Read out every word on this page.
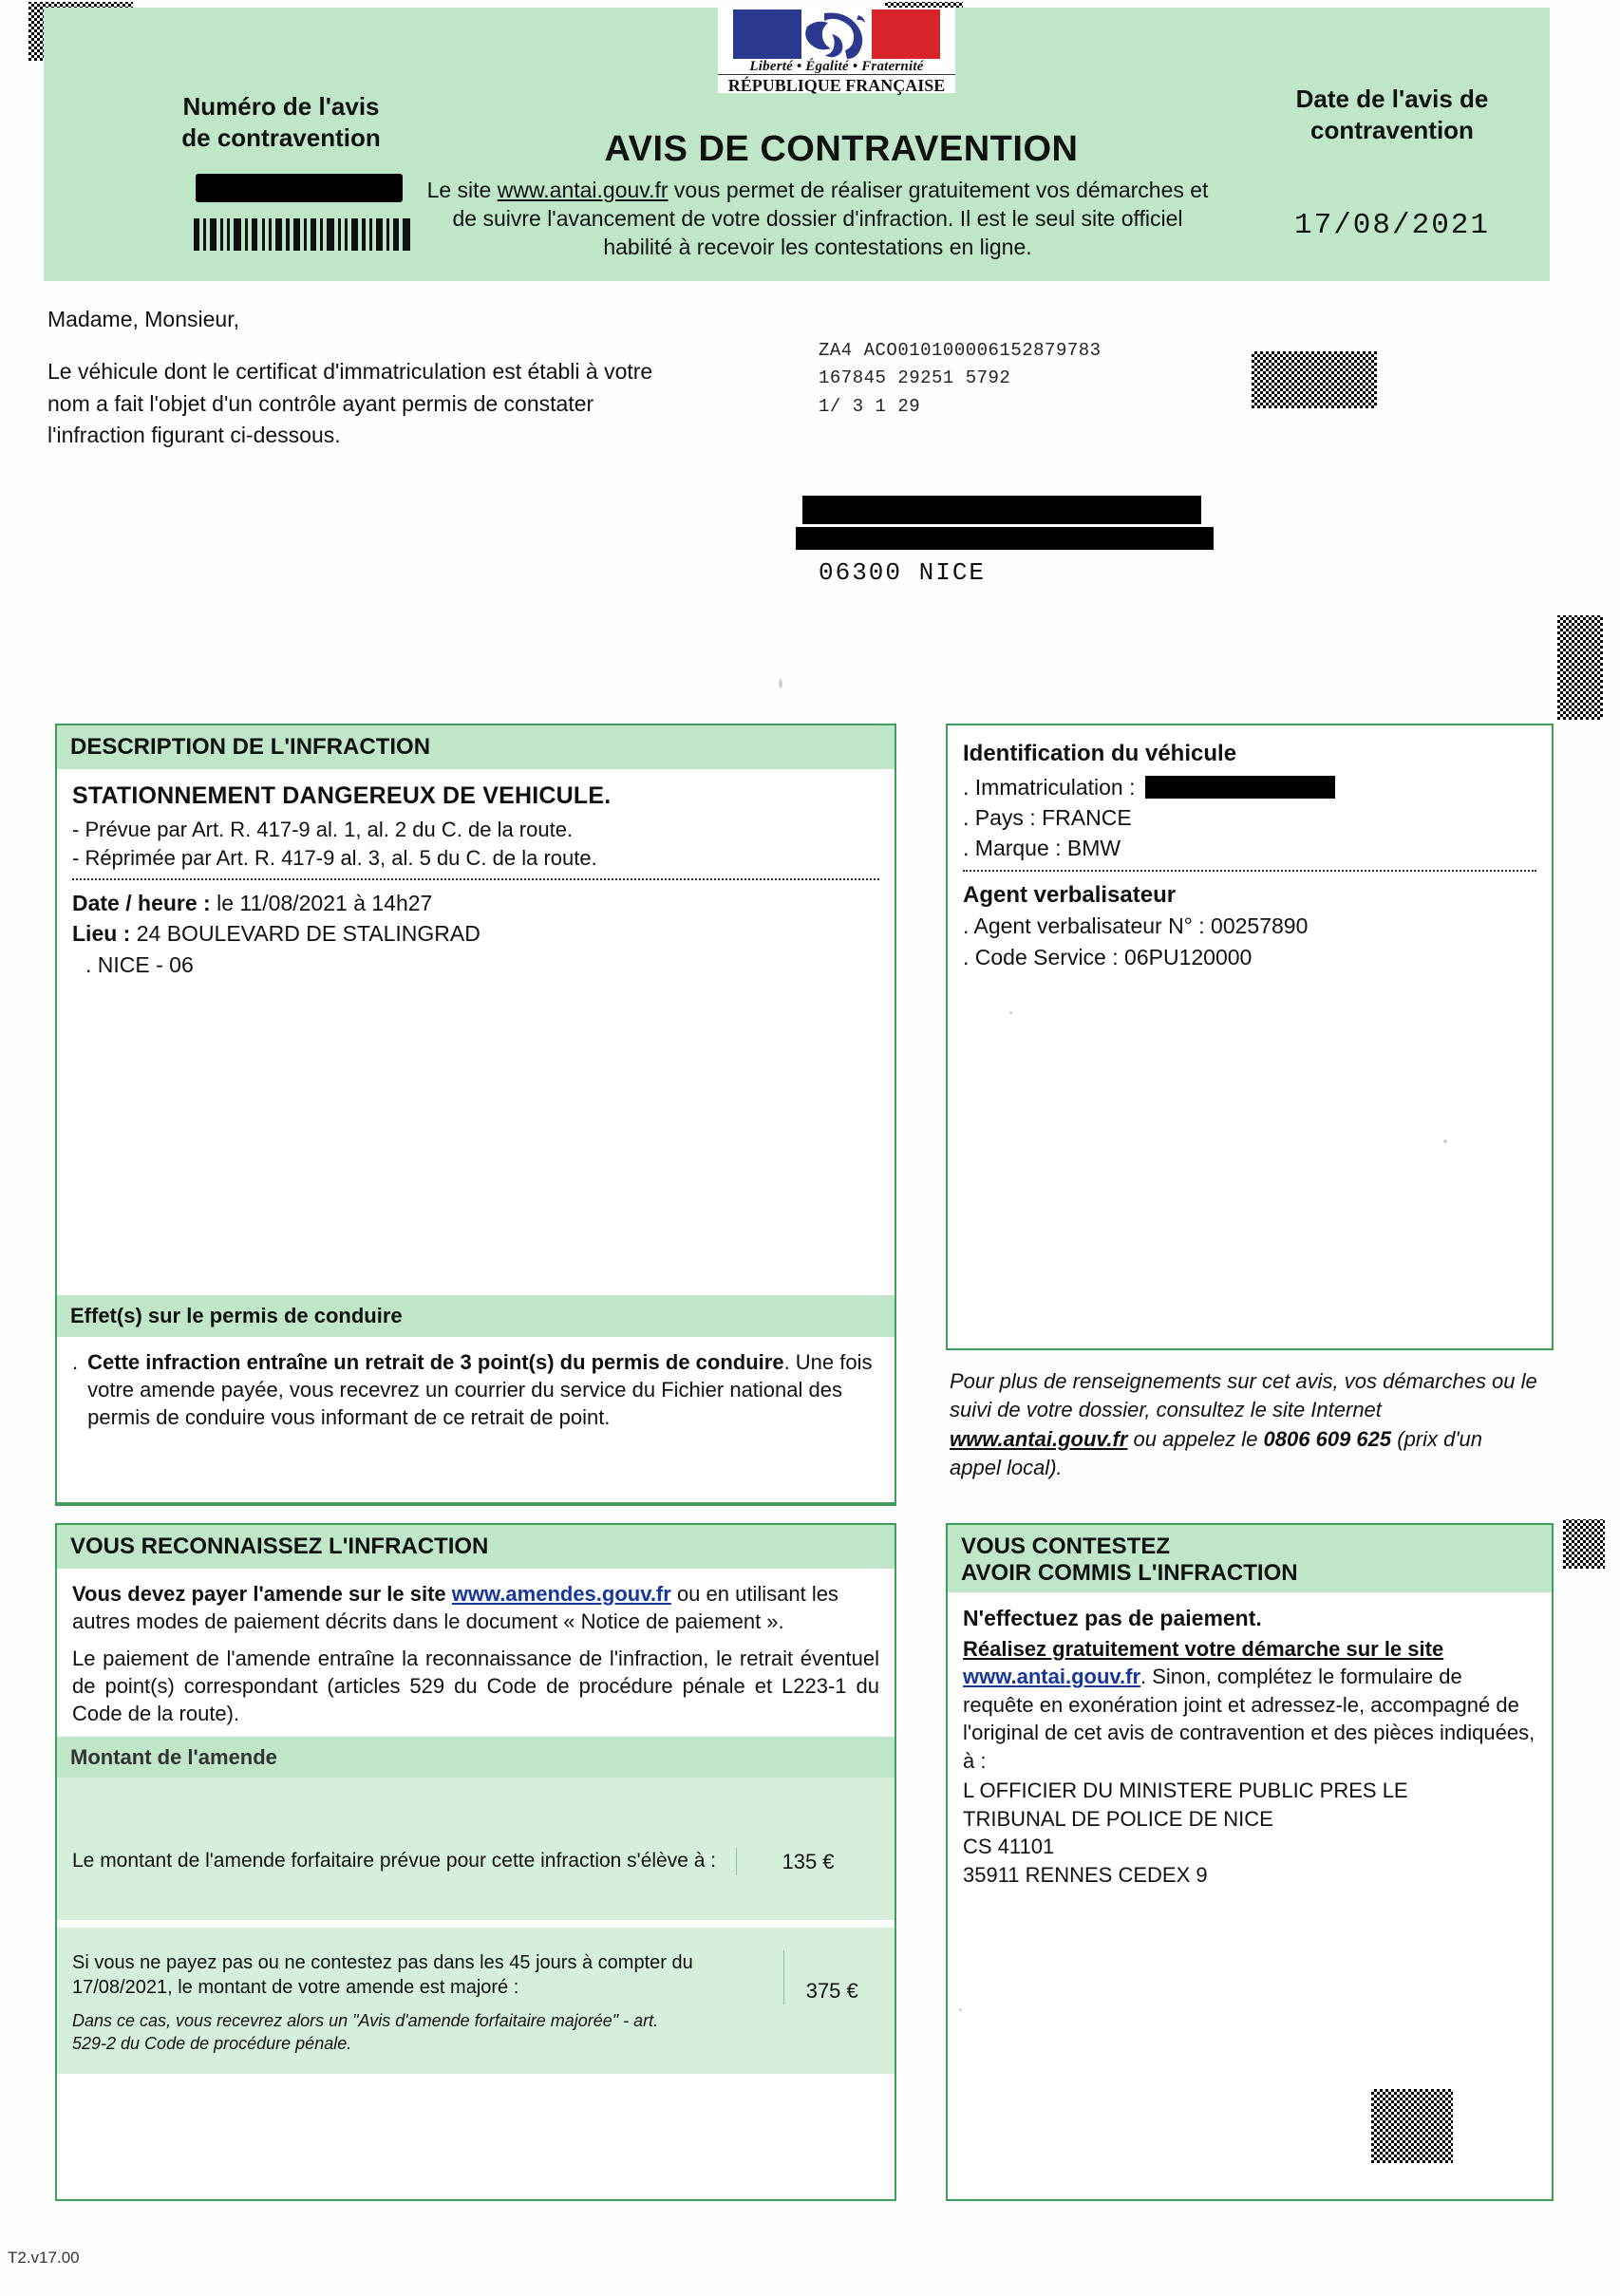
Numéro de l'avis
de contravention
Liberté • Égalité • Fraternité
RÉPUBLIQUE FRANÇAISE
AVIS DE CONTRAVENTION
Le site www.antai.gouv.fr vous permet de réaliser gratuitement vos démarches et de suivre l'avancement de votre dossier d'infraction. Il est le seul site officiel habilité à recevoir les contestations en ligne.
Date de l'avis de
contravention
17/08/2021

Madame, Monsieur,

Le véhicule dont le certificat d'immatriculation est établi à votre nom a fait l'objet d'un contrôle ayant permis de constater l'infraction figurant ci-dessous.

ZA4 ACO010100006152879783
167845 29251 5792
1/ 3 1 29
06300 NICE
DESCRIPTION DE L'INFRACTION
STATIONNEMENT DANGEREUX DE VEHICULE.
- Prévue par Art. R. 417-9 al. 1, al. 2 du C. de la route.
- Réprimée par Art. R. 417-9 al. 3, al. 5 du C. de la route.
Date / heure : le 11/08/2021 à 14h27
Lieu : 24 BOULEVARD DE STALINGRAD
. NICE - 06
Effet(s) sur le permis de conduire
. Cette infraction entraîne un retrait de 3 point(s) du permis de conduire. Une fois votre amende payée, vous recevrez un courrier du service du Fichier national des permis de conduire vous informant de ce retrait de point.
Identification du véhicule
. Immatriculation :
. Pays : FRANCE
. Marque : BMW
Agent verbalisateur
. Agent verbalisateur N° : 00257890
. Code Service : 06PU120000
Pour plus de renseignements sur cet avis, vos démarches ou le suivi de votre dossier, consultez le site Internet www.antai.gouv.fr ou appelez le 0806 609 625 (prix d'un appel local).
VOUS RECONNAISSEZ L'INFRACTION
Vous devez payer l'amende sur le site www.amendes.gouv.fr ou en utilisant les autres modes de paiement décrits dans le document « Notice de paiement ».
Le paiement de l'amende entraîne la reconnaissance de l'infraction, le retrait éventuel de point(s) correspondant (articles 529 du Code de procédure pénale et L223-1 du Code de la route).
Montant de l'amende
Le montant de l'amende forfaitaire prévue pour cette infraction s'élève à :	135 €
Si vous ne payez pas ou ne contestez pas dans les 45 jours à compter du 17/08/2021, le montant de votre amende est majoré :	375 €
Dans ce cas, vous recevrez alors un "Avis d'amende forfaitaire majorée" - art. 529-2 du Code de procédure pénale.
VOUS CONTESTEZ
AVOIR COMMIS L'INFRACTION
N'effectuez pas de paiement.
Réalisez gratuitement votre démarche sur le site www.antai.gouv.fr. Sinon, complétez le formulaire de requête en exonération joint et adressez-le, accompagné de l'original de cet avis de contravention et des pièces indiquées, à :
L OFFICIER DU MINISTERE PUBLIC PRES LE
TRIBUNAL DE POLICE DE NICE
CS 41101
35911 RENNES CEDEX 9
T2.v17.00
